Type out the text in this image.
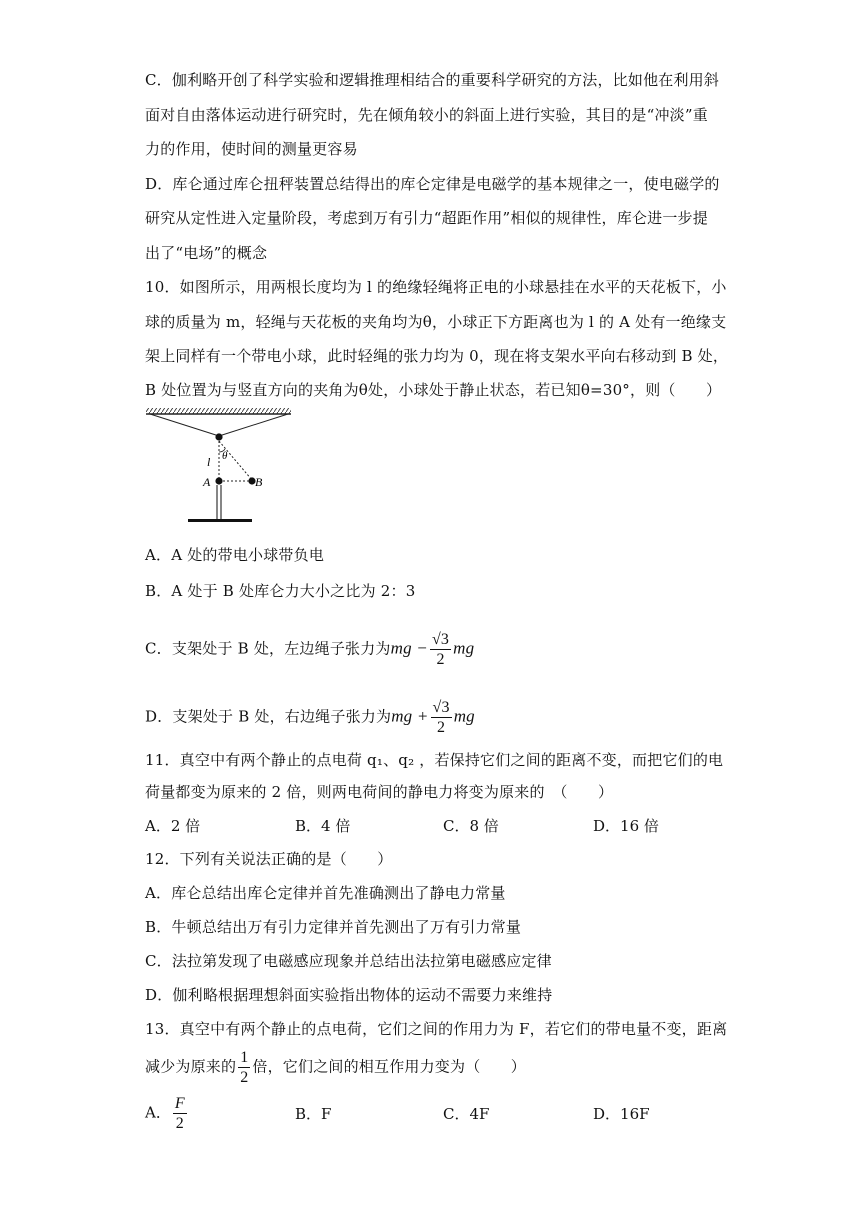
C．伽利略开创了科学实验和逻辑推理相结合的重要科学研究的方法，比如他在利用斜
面对自由落体运动进行研究时，先在倾角较小的斜面上进行实验，其目的是“冲淡”重
力的作用，使时间的测量更容易
D．库仑通过库仑扭秤装置总结得出的库仑定律是电磁学的基本规律之一，使电磁学的
研究从定性进入定量阶段，考虑到万有引力“超距作用”相似的规律性，库仑进一步提
出了“电场”的概念
10．如图所示，用两根长度均为 l 的绝缘轻绳将正电的小球悬挂在水平的天花板下，小
球的质量为 m，轻绳与天花板的夹角均为θ，小球正下方距离也为 l 的 A 处有一绝缘支
架上同样有一个带电小球，此时轻绳的张力均为 0，现在将支架水平向右移动到 B 处，
B 处位置为与竖直方向的夹角为θ处，小球处于静止状态，若已知θ=30°，则（　　）
l θ
A	B
A．A 处的带电小球带负电
B．A 处于 B 处库仑力大小之比为 2：3
C．支架处于 B 处，左边绳子张力为mg − $\frac{√3}{2}$ mg
D．支架处于 B 处，右边绳子张力为mg + $\frac{√3}{2}$ mg
11．真空中有两个静止的点电荷 q₁、q₂ ，若保持它们之间的距离不变，而把它们的电
荷量都变为原来的 2 倍，则两电荷间的静电力将变为原来的　（　　）
A．2 倍	B．4 倍	C．8 倍	D．16 倍
12．下列有关说法正确的是（　　）
A．库仑总结出库仑定律并首先准确测出了静电力常量
B．牛顿总结出万有引力定律并首先测出了万有引力常量
C．法拉第发现了电磁感应现象并总结出法拉第电磁感应定律
D．伽利略根据理想斜面实验指出物体的运动不需要力来维持
13．真空中有两个静止的点电荷，它们之间的作用力为 F，若它们的带电量不变，距离
减少为原来的 $\frac{1}{2}$ 倍，它们之间的相互作用力变为（　　）
A． $\frac{F}{2}$	B．F	C．4F	D．16F
